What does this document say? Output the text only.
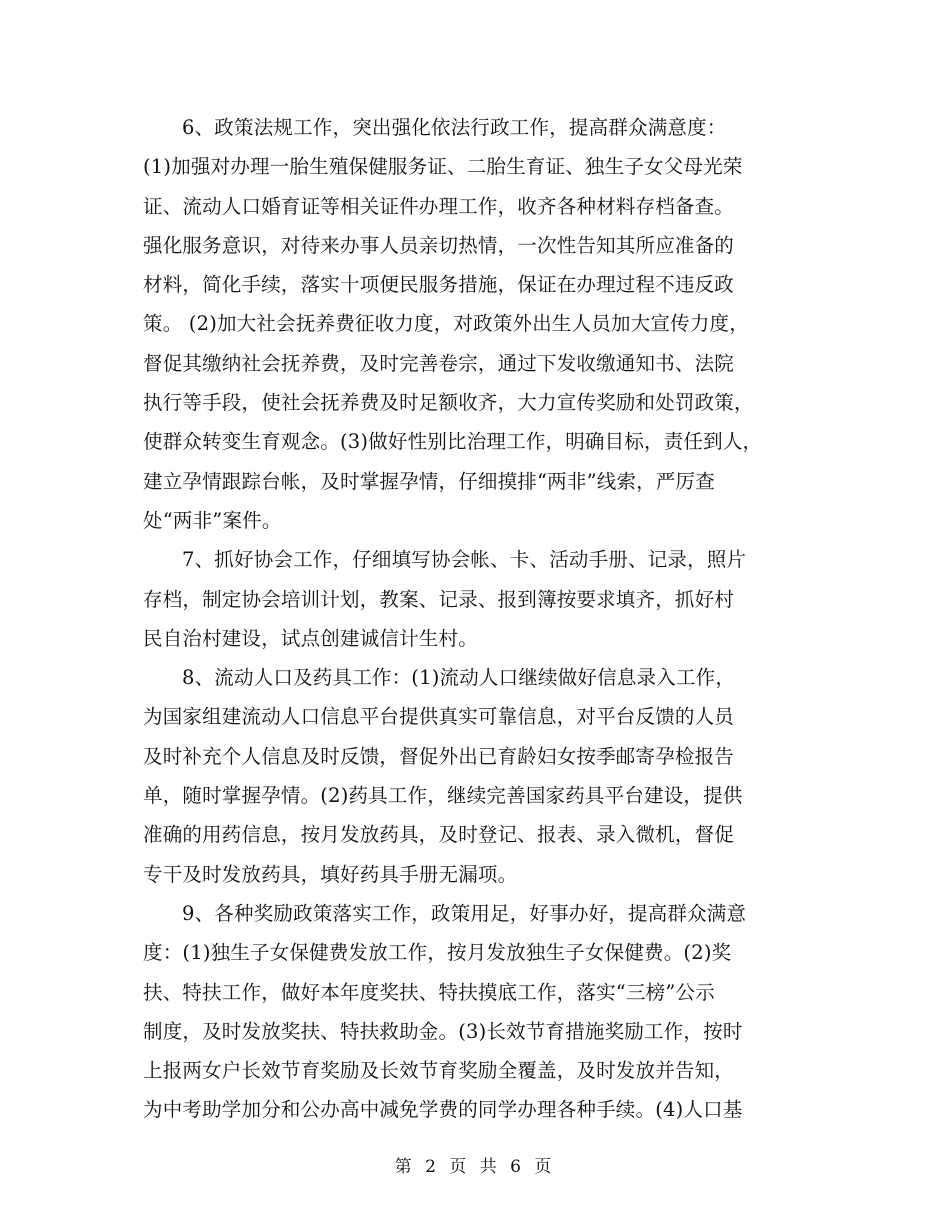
6、政策法规工作，突出强化依法行政工作，提高群众满意度：
(1)加强对办理一胎生殖保健服务证、二胎生育证、独生子女父母光荣
证、流动人口婚育证等相关证件办理工作，收齐各种材料存档备查。
强化服务意识，对待来办事人员亲切热情，一次性告知其所应准备的
材料，简化手续，落实十项便民服务措施，保证在办理过程不违反政
策。 (2)加大社会抚养费征收力度，对政策外出生人员加大宣传力度，
督促其缴纳社会抚养费，及时完善卷宗，通过下发收缴通知书、法院
执行等手段，使社会抚养费及时足额收齐，大力宣传奖励和处罚政策，
使群众转变生育观念。(3)做好性别比治理工作，明确目标，责任到人，
建立孕情跟踪台帐，及时掌握孕情，仔细摸排“两非”线索，严厉查
处“两非”案件。
7、抓好协会工作，仔细填写协会帐、卡、活动手册、记录，照片
存档，制定协会培训计划，教案、记录、报到簿按要求填齐，抓好村
民自治村建设，试点创建诚信计生村。
8、流动人口及药具工作：(1)流动人口继续做好信息录入工作，
为国家组建流动人口信息平台提供真实可靠信息，对平台反馈的人员
及时补充个人信息及时反馈，督促外出已育龄妇女按季邮寄孕检报告
单，随时掌握孕情。(2)药具工作，继续完善国家药具平台建设，提供
准确的用药信息，按月发放药具，及时登记、报表、录入微机，督促
专干及时发放药具，填好药具手册无漏项。
9、各种奖励政策落实工作，政策用足，好事办好，提高群众满意
度：(1)独生子女保健费发放工作，按月发放独生子女保健费。(2)奖
扶、特扶工作，做好本年度奖扶、特扶摸底工作，落实“三榜”公示
制度，及时发放奖扶、特扶救助金。(3)长效节育措施奖励工作，按时
上报两女户长效节育奖励及长效节育奖励全覆盖，及时发放并告知，
为中考助学加分和公办高中减免学费的同学办理各种手续。(4)人口基
第 2 页 共 6 页
